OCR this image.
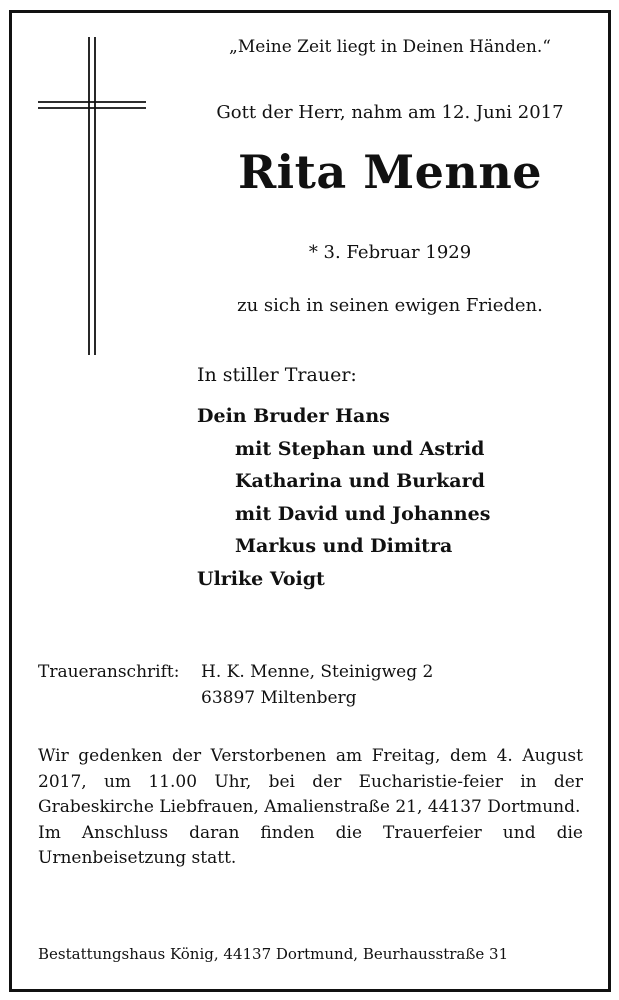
„Meine Zeit liegt in Deinen Händen.“
Gott der Herr, nahm am 12. Juni 2017
Rita Menne
* 3. Februar 1929
zu sich in seinen ewigen Frieden.
In stiller Trauer:
Dein Bruder Hans
mit Stephan und Astrid
Katharina und Burkard
mit David und Johannes
Markus und Dimitra
Ulrike Voigt
Traueranschrift: H. K. Menne, Steinigweg 2
63897 Miltenberg

Wir gedenken der Verstorbenen am Freitag, dem 4. August 2017, um 11.00 Uhr, bei der Eucharistie-feier in der Grabeskirche Liebfrauen, Amalienstraße 21, 44137 Dortmund.

Im Anschluss daran finden die Trauerfeier und die Urnenbeisetzung statt.

Bestattungshaus König, 44137 Dortmund, Beurhausstraße 31
